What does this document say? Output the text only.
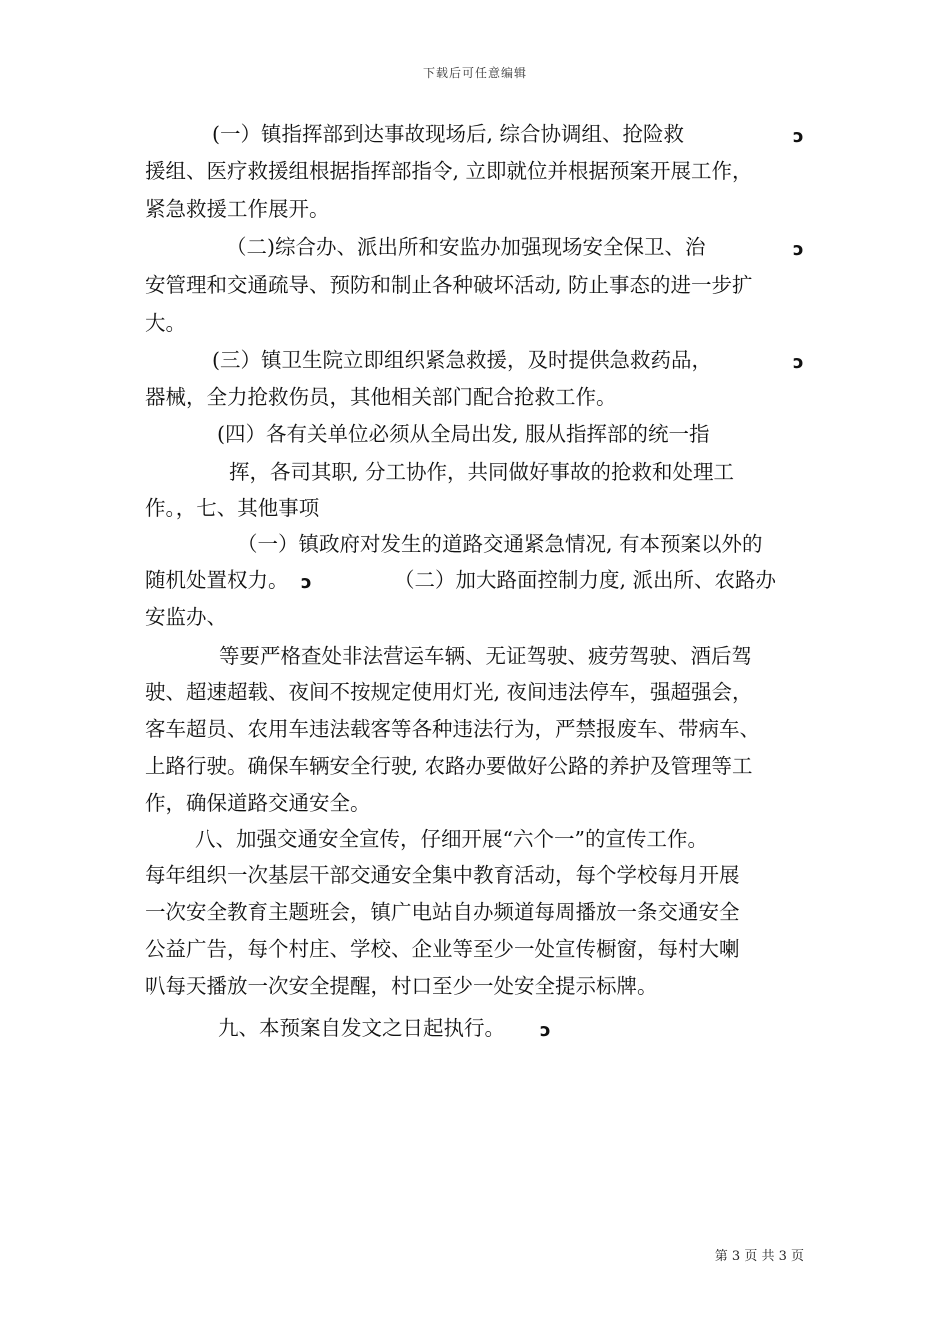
下载后可任意编辑
(一）镇指挥部到达事故现场后, 综合协调组、抢险救	ↄ
援组、医疗救援组根据指挥部指令, 立即就位并根据预案开展工作，
紧急救援工作展开。
（二)综合办、派出所和安监办加强现场安全保卫、治	ↄ
安管理和交通疏导、预防和制止各种破坏活动, 防止事态的进一步扩
大。
(三）镇卫生院立即组织紧急救援，及时提供急救药品，	ↄ
器械，全力抢救伤员，其他相关部门配合抢救工作。
(四）各有关单位必须从全局出发, 服从指挥部的统一指
挥，各司其职, 分工协作，共同做好事故的抢救和处理工
作。，七、其他事项
（一）镇政府对发生的道路交通紧急情况, 有本预案以外的
随机处置权力。 ↄ	（二）加大路面控制力度, 派出所、农路办
安监办、
等要严格查处非法营运车辆、无证驾驶、疲劳驾驶、酒后驾
驶、超速超载、夜间不按规定使用灯光, 夜间违法停车，强超强会，
客车超员、农用车违法载客等各种违法行为，严禁报废车、带病车、
上路行驶。确保车辆安全行驶, 农路办要做好公路的养护及管理等工
作，确保道路交通安全。
八、加强交通安全宣传，仔细开展“六个一”的宣传工作。
每年组织一次基层干部交通安全集中教育活动，每个学校每月开展
一次安全教育主题班会，镇广电站自办频道每周播放一条交通安全
公益广告，每个村庄、学校、企业等至少一处宣传橱窗，每村大喇
叭每天播放一次安全提醒，村口至少一处安全提示标牌。
九、本预案自发文之日起执行。 ↄ
第 3 页 共 3 页
